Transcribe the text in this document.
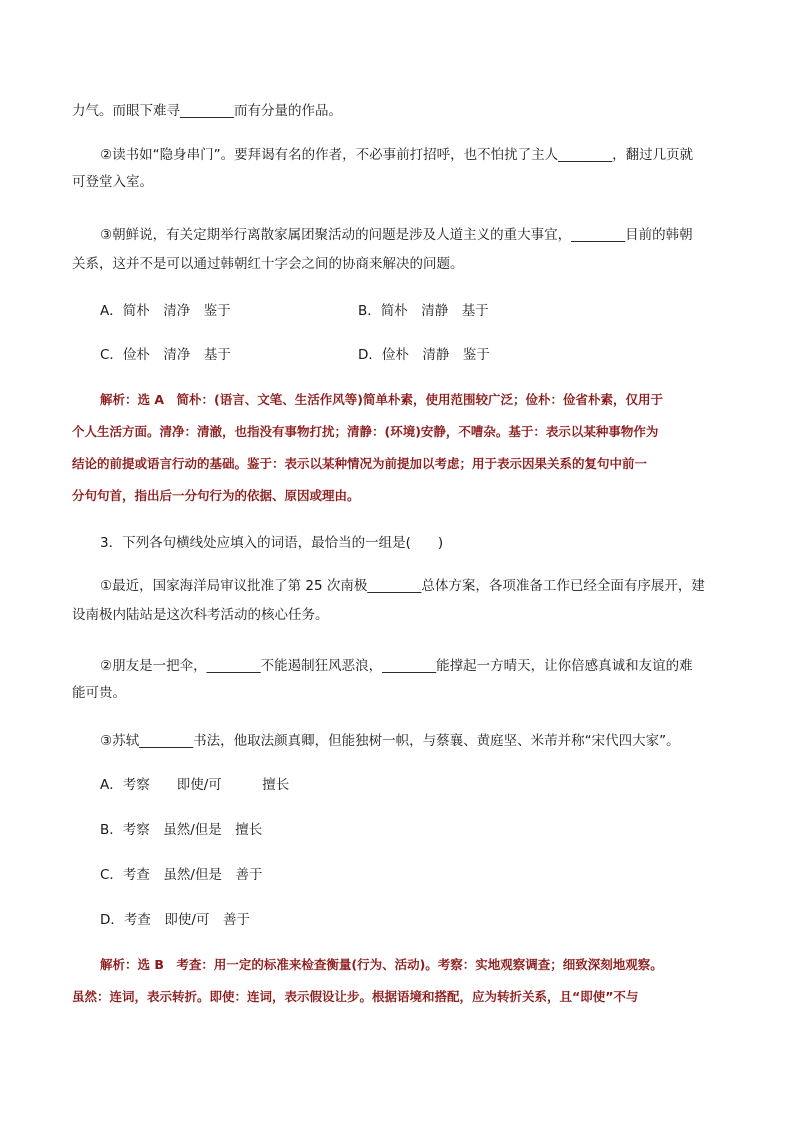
力气。而眼下难寻________而有分量的作品。
②读书如“隐身串门”。要拜谒有名的作者，不必事前打招呼，也不怕扰了主人________，翻过几页就
可登堂入室。
③朝鲜说，有关定期举行离散家属团聚活动的问题是涉及人道主义的重大事宜，________目前的韩朝
关系，这并不是可以通过韩朝红十字会之间的协商来解决的问题。
A．简朴　清净　鉴于	B．简朴　清静　基于
C．俭朴　清净　基于	D．俭朴　清静　鉴于
解析：选 A　简朴：(语言、文笔、生活作风等)简单朴素，使用范围较广泛；俭朴：俭省朴素，仅用于
个人生活方面。清净：清澈，也指没有事物打扰；清静：(环境)安静，不嘈杂。基于：表示以某种事物作为
结论的前提或语言行动的基础。鉴于：表示以某种情况为前提加以考虑；用于表示因果关系的复句中前一
分句句首，指出后一分句行为的依据、原因或理由。
3．下列各句横线处应填入的词语，最恰当的一组是(　　)
①最近，国家海洋局审议批准了第 25 次南极________总体方案，各项准备工作已经全面有序展开，建
设南极内陆站是这次科考活动的核心任务。
②朋友是一把伞，________不能遏制狂风恶浪，________能撑起一方晴天，让你倍感真诚和友谊的难
能可贵。
③苏轼________书法，他取法颜真卿，但能独树一帜，与蔡襄、黄庭坚、米芾并称“宋代四大家”。
A．考察　　即使/可　　　擅长
B．考察　虽然/但是　擅长
C．考查　虽然/但是　善于
D．考查　即使/可　善于
解析：选 B　考查：用一定的标准来检查衡量(行为、活动)。考察：实地观察调查；细致深刻地观察。
虽然：连词，表示转折。即使：连词，表示假设让步。根据语境和搭配，应为转折关系，且“即使”不与
